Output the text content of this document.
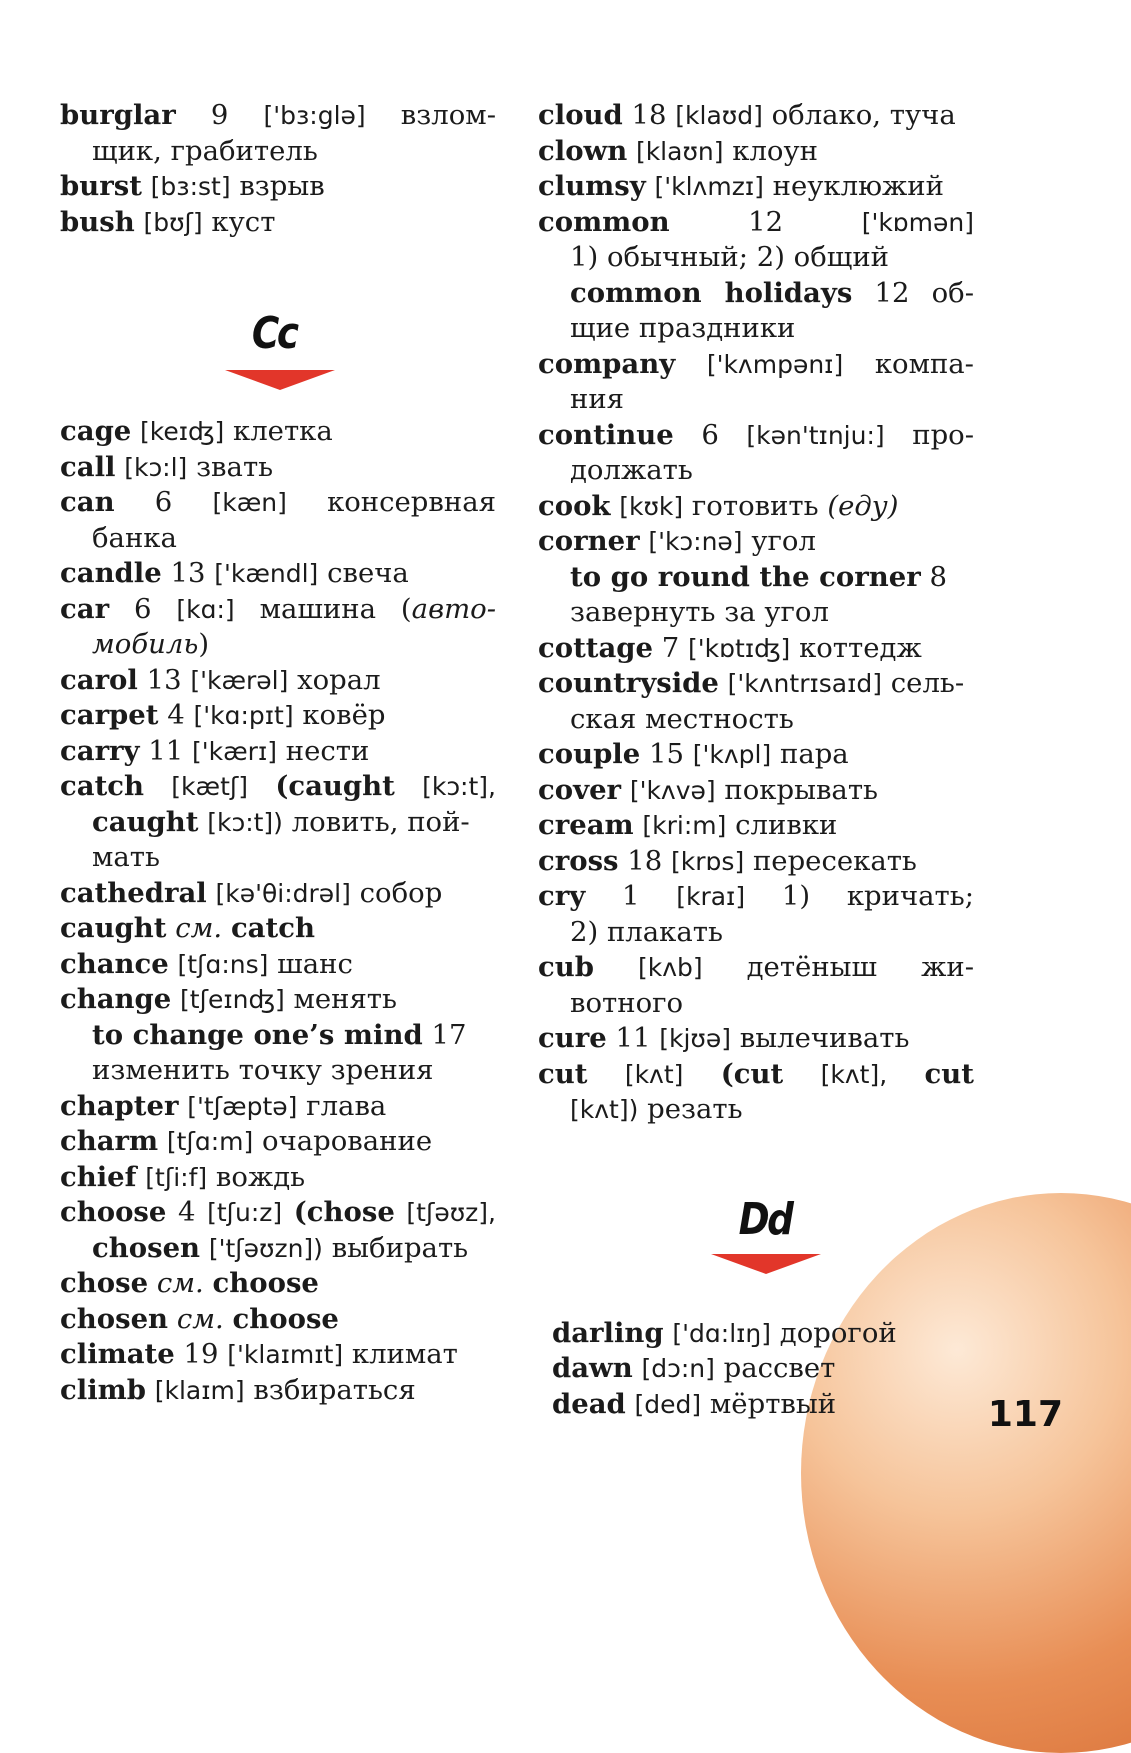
burglar 9 ['bɜ:glə] взлом-
щик, грабитель
burst [bɜ:st] взрыв
bush [bʊʃ] куст
Cc
cage [keɪʤ] клетка
call [kɔ:l] звать
can 6 [kæn] консервная
банка
candle 13 ['kændl] свеча
car 6 [kɑ:] машина (авто-
мобиль)
carol 13 ['kærəl] хорал
carpet 4 ['kɑ:pɪt] ковёр
carry 11 ['kærɪ] нести
catch [kætʃ] (caught [kɔ:t],
caught [kɔ:t]) ловить, пой-
мать
cathedral [kə'θi:drəl] собор
caught см. catch
chance [tʃɑ:ns] шанс
change [tʃeɪnʤ] менять
to change one’s mind 17
изменить точку зрения
chapter ['tʃæptə] глава
charm [tʃɑ:m] очарование
chief [tʃi:f] вождь
choose 4 [tʃu:z] (chose [tʃəʊz],
chosen ['tʃəʊzn]) выбирать
chose см. choose
chosen см. choose
climate 19 ['klaɪmɪt] климат
climb [klaɪm] взбираться
cloud 18 [klaʊd] облако, туча
clown [klaʊn] клоун
clumsy ['klʌmzɪ] неуклюжий
common	12	['kɒmən]
1) обычный; 2) общий
common holidays 12 об-
щие праздники
company ['kʌmpənɪ] компа-
ния
continue 6 [kən'tɪnju:] про-
должать
cook [kʊk] готовить (еду)
corner ['kɔ:nə] угол
to go round the corner 8
завернуть за угол
cottage 7 ['kɒtɪʤ] коттедж
countryside ['kʌntrɪsaɪd] сель-
ская местность
couple 15 ['kʌpl] пара
cover ['kʌvə] покрывать
cream [kri:m] сливки
cross 18 [krɒs] пересекать
cry 1 [kraɪ] 1) кричать;
2) плакать
cub [kʌb] детёныш жи-
вотного
cure 11 [kjʊə] вылечивать
cut [kʌt] (cut [kʌt], cut
[kʌt]) резать
Dd
darling ['dɑ:lɪŋ] дорогой
dawn [dɔ:n] рассвет
dead [ded] мёртвый	117
